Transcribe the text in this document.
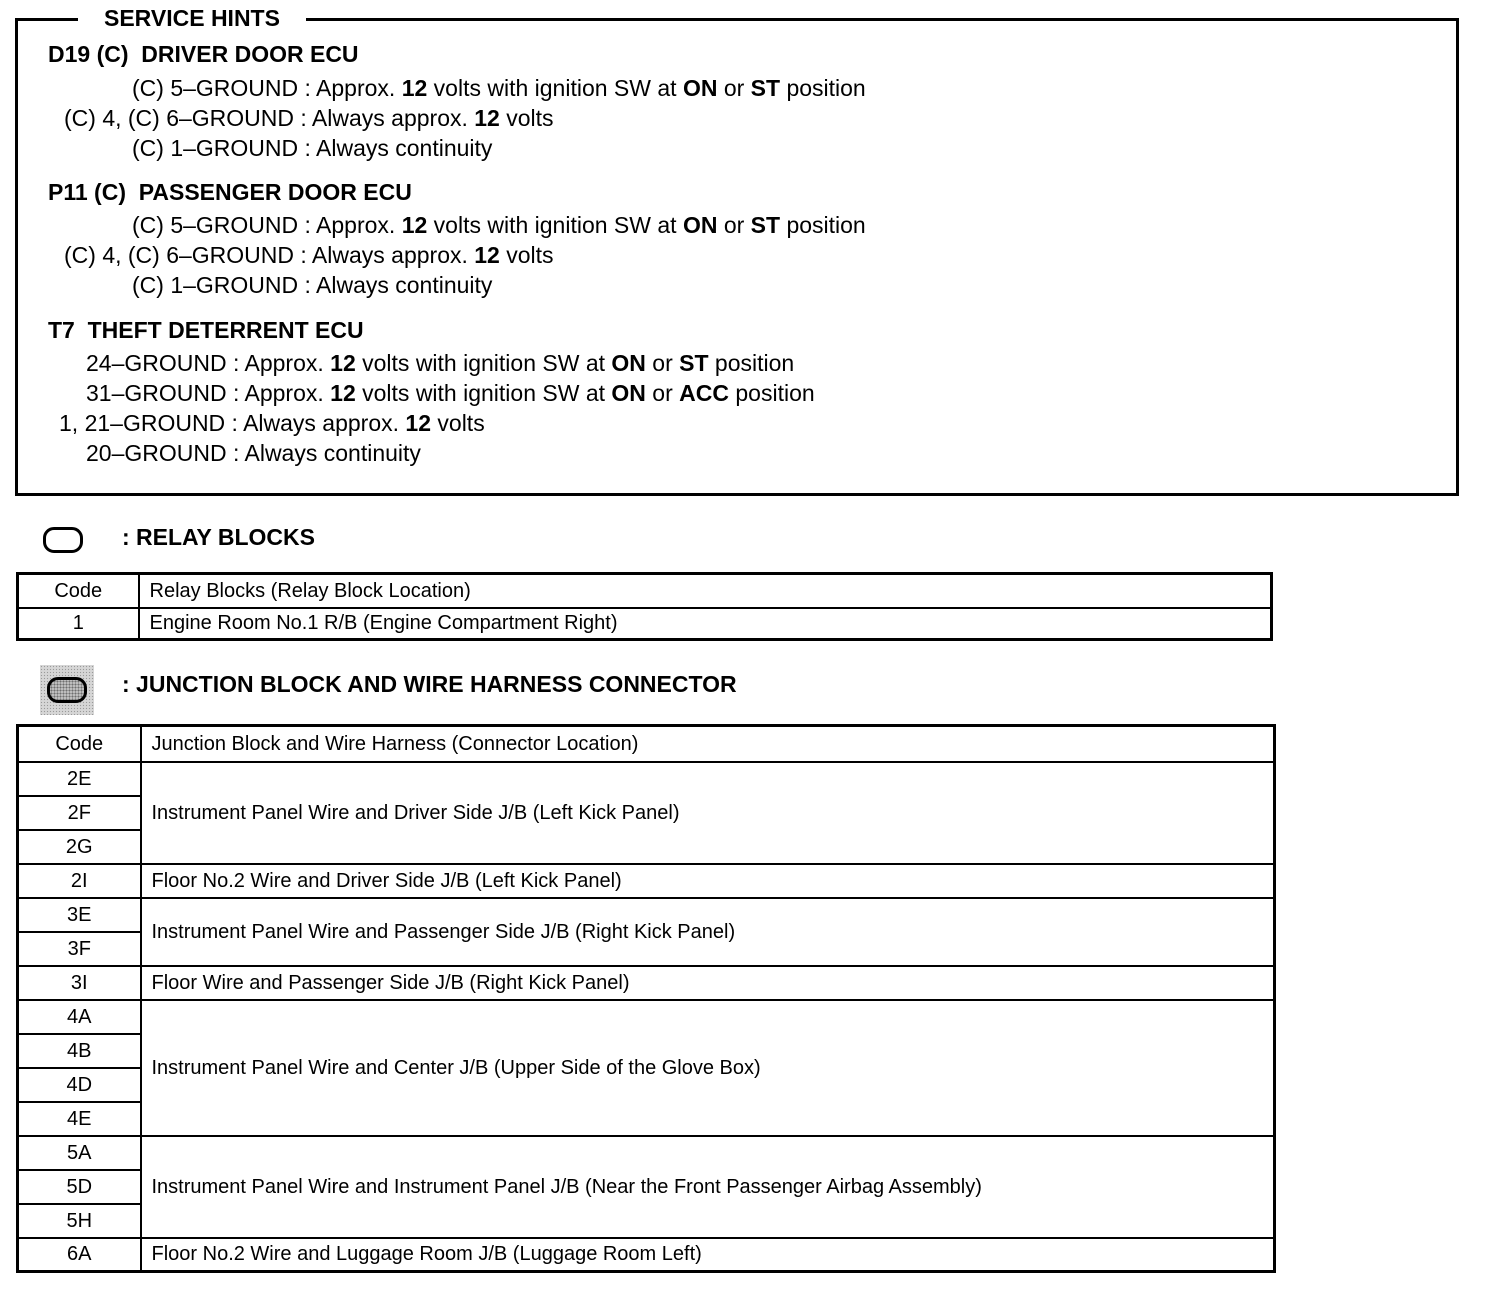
SERVICE HINTS
D19 (C)  DRIVER DOOR ECU
(C) 5–GROUND : Approx. 12 volts with ignition SW at ON or ST position
(C) 4, (C) 6–GROUND : Always approx. 12 volts
(C) 1–GROUND : Always continuity
P11 (C)  PASSENGER DOOR ECU
(C) 5–GROUND : Approx. 12 volts with ignition SW at ON or ST position
(C) 4, (C) 6–GROUND : Always approx. 12 volts
(C) 1–GROUND : Always continuity
T7  THEFT DETERRENT ECU
24–GROUND : Approx. 12 volts with ignition SW at ON or ST position
31–GROUND : Approx. 12 volts with ignition SW at ON or ACC position
1, 21–GROUND : Always approx. 12 volts
20–GROUND : Always continuity
: RELAY BLOCKS
Code	Relay Blocks (Relay Block Location)
1	Engine Room No.1 R/B (Engine Compartment Right)
: JUNCTION BLOCK AND WIRE HARNESS CONNECTOR
Code	Junction Block and Wire Harness (Connector Location)
2E	Instrument Panel Wire and Driver Side J/B (Left Kick Panel)
2F	
2G	
2I	Floor No.2 Wire and Driver Side J/B (Left Kick Panel)
3E	Instrument Panel Wire and Passenger Side J/B (Right Kick Panel)
3F	
3I	Floor Wire and Passenger Side J/B (Right Kick Panel)
4A	Instrument Panel Wire and Center J/B (Upper Side of the Glove Box)
4B	
4D	
4E	
5A	Instrument Panel Wire and Instrument Panel J/B (Near the Front Passenger Airbag Assembly)
5D	
5H	
6A	Floor No.2 Wire and Luggage Room J/B (Luggage Room Left)
